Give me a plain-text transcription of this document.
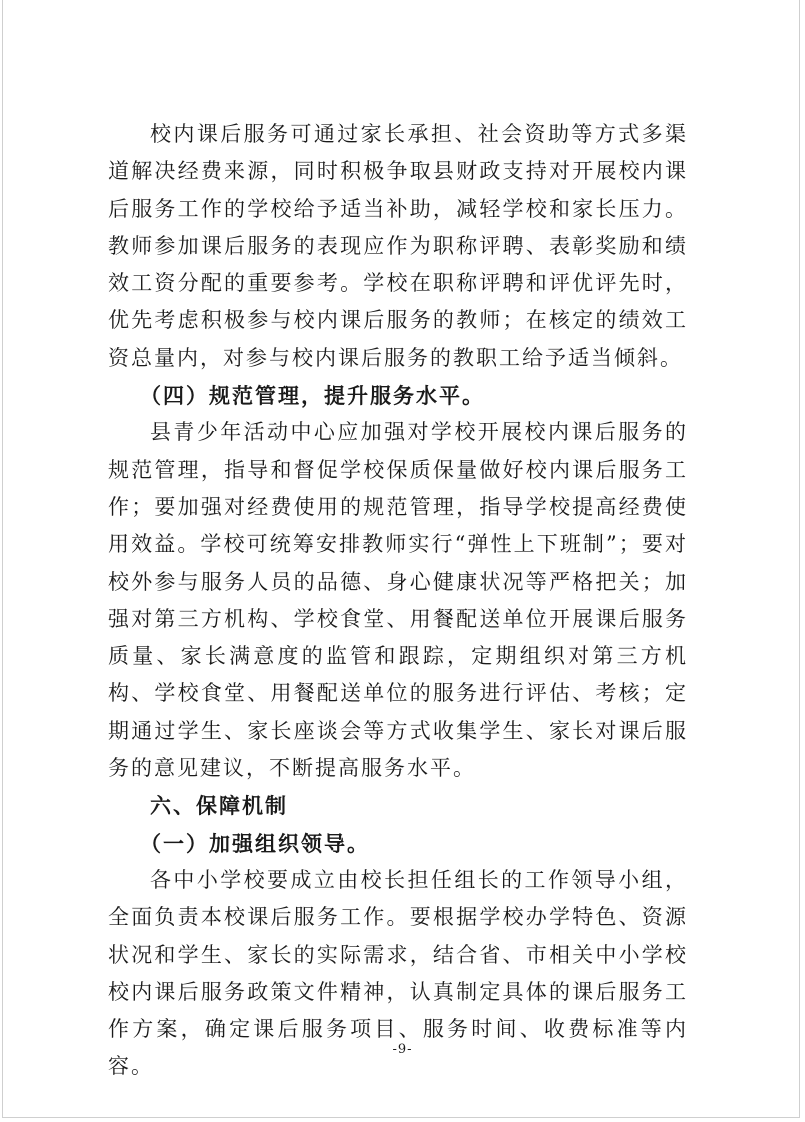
校内课后服务可通过家长承担、社会资助等方式多渠道解决经费来源，同时积极争取县财政支持对开展校内课后服务工作的学校给予适当补助，减轻学校和家长压力。教师参加课后服务的表现应作为职称评聘、表彰奖励和绩效工资分配的重要参考。学校在职称评聘和评优评先时，优先考虑积极参与校内课后服务的教师；在核定的绩效工资总量内，对参与校内课后服务的教职工给予适当倾斜。

（四）规范管理，提升服务水平。

县青少年活动中心应加强对学校开展校内课后服务的规范管理，指导和督促学校保质保量做好校内课后服务工作；要加强对经费使用的规范管理，指导学校提高经费使用效益。学校可统筹安排教师实行“弹性上下班制”；要对校外参与服务人员的品德、身心健康状况等严格把关；加强对第三方机构、学校食堂、用餐配送单位开展课后服务质量、家长满意度的监管和跟踪，定期组织对第三方机构、学校食堂、用餐配送单位的服务进行评估、考核；定期通过学生、家长座谈会等方式收集学生、家长对课后服务的意见建议，不断提高服务水平。

六、保障机制

（一）加强组织领导。

各中小学校要成立由校长担任组长的工作领导小组，全面负责本校课后服务工作。要根据学校办学特色、资源状况和学生、家长的实际需求，结合省、市相关中小学校校内课后服务政策文件精神，认真制定具体的课后服务工作方案，确定课后服务项目、服务时间、收费标准等内容。

-9-
